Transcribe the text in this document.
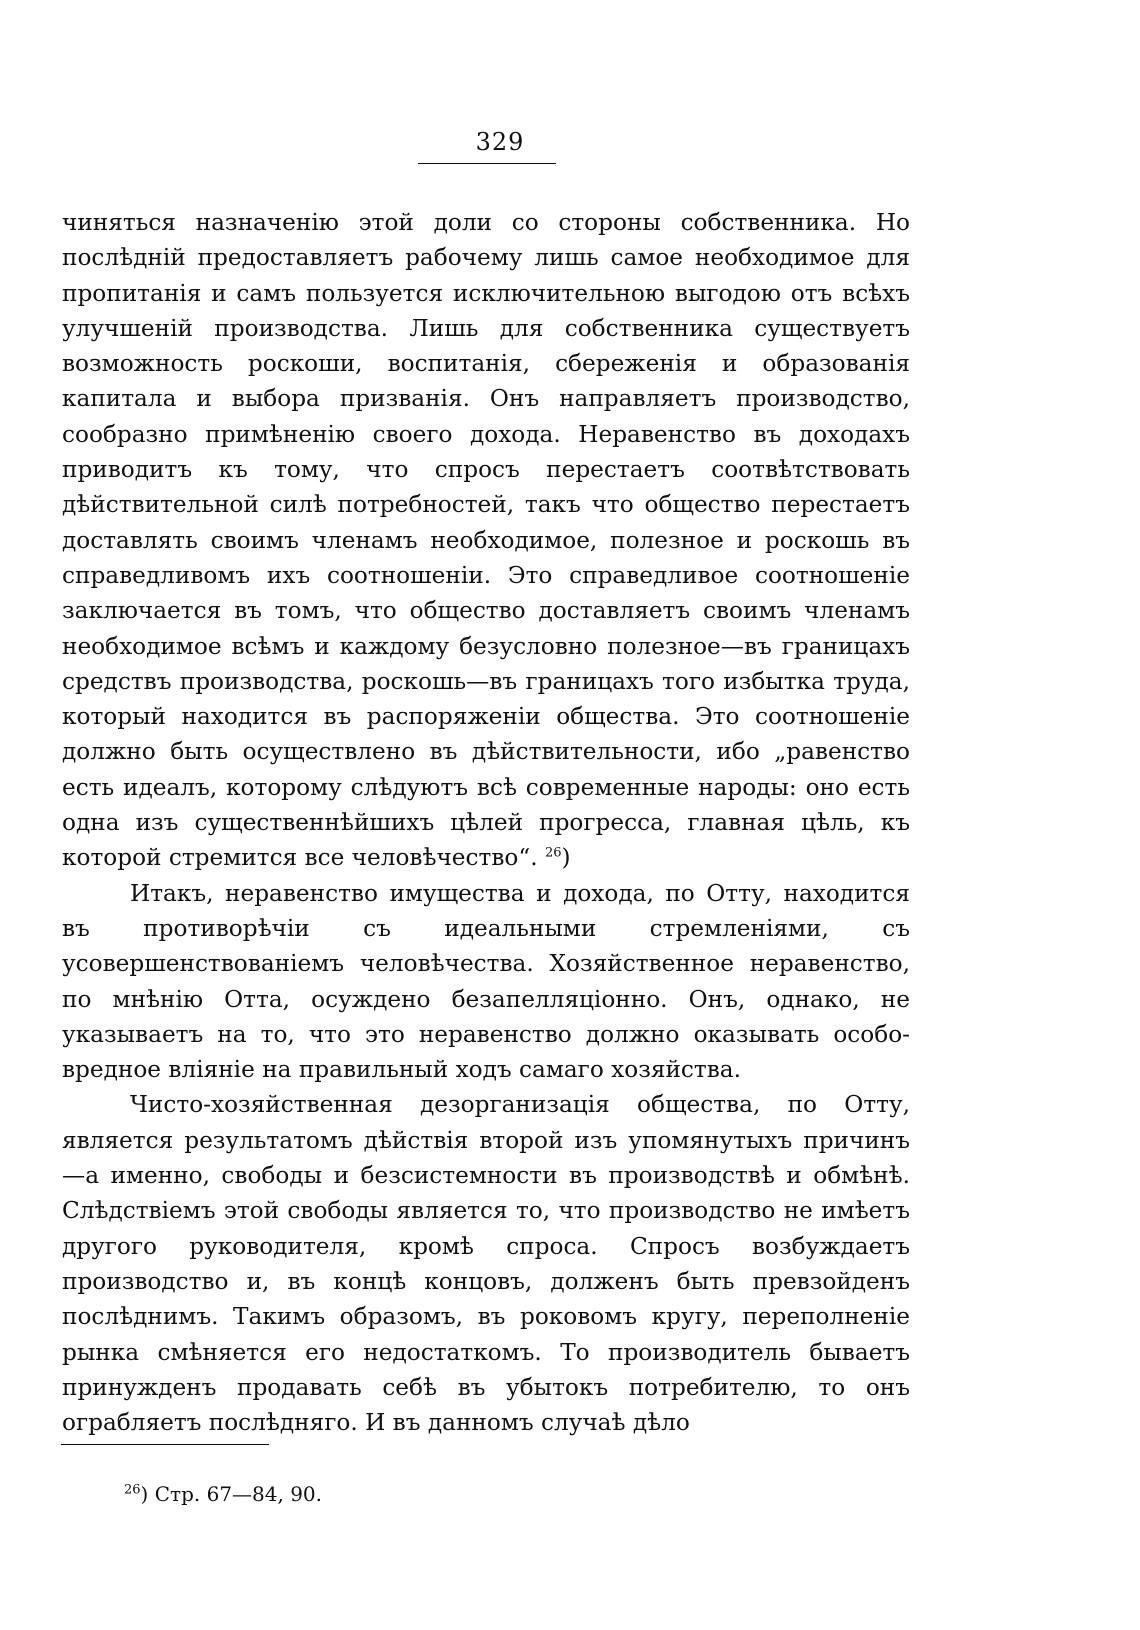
329

чиняться назначенію этой доли со стороны собственника. Но послѣдній предоставляетъ рабочему лишь самое необходимое для пропитанія и самъ пользуется исключительною выгодою отъ всѣхъ улучшеній производства. Лишь для собственника существуетъ возможность роскоши, воспитанія, сбереженія и образованія капитала и выбора призванія. Онъ направляетъ производство, сообразно примѣненію своего дохода. Неравенство въ доходахъ приводитъ къ тому, что спросъ перестаетъ соотвѣтствовать дѣйствительной силѣ потребностей, такъ что общество перестаетъ доставлять своимъ членамъ необходимое, полезное и роскошь въ справедливомъ ихъ соотношеніи. Это справедливое соотношеніе заключается въ томъ, что общество доставляетъ своимъ членамъ необходимое всѣмъ и каждому безусловно полезное—въ границахъ средствъ производства, роскошь—въ границахъ того избытка труда, который находится въ распоряженіи общества. Это соотношеніе должно быть осуществлено въ дѣйствительности, ибо „равенство есть идеалъ, которому слѣдуютъ всѣ современные народы: оно есть одна изъ существеннѣйшихъ цѣлей прогресса, главная цѣль, къ которой стремится все человѣчество“. $^{26}$)

Итакъ, неравенство имущества и дохода, по Отту, находится въ противорѣчіи съ идеальными стремленіями, съ усовершенствованіемъ человѣчества. Хозяйственное неравенство, по мнѣнію Отта, осуждено безапелляціонно. Онъ, однако, не указываетъ на то, что это неравенство должно оказывать особо-вредное вліяніе на правильный ходъ самаго хозяйства.

Чисто-хозяйственная дезорганизація общества, по Отту, является результатомъ дѣйствія второй изъ упомянутыхъ причинъ—а именно, свободы и безсистемности въ производствѣ и обмѣнѣ. Слѣдствіемъ этой свободы является то, что производство не имѣетъ другого руководителя, кромѣ спроса. Спросъ возбуждаетъ производство и, въ концѣ концовъ, долженъ быть превзойденъ послѣднимъ. Такимъ образомъ, въ роковомъ кругу, переполненіе рынка смѣняется его недостаткомъ. То производитель бываетъ принужденъ продавать себѣ въ убытокъ потребителю, то онъ ограбляетъ послѣдняго. И въ данномъ случаѣ дѣло

$^{26}$) Стр. 67—84, 90.
